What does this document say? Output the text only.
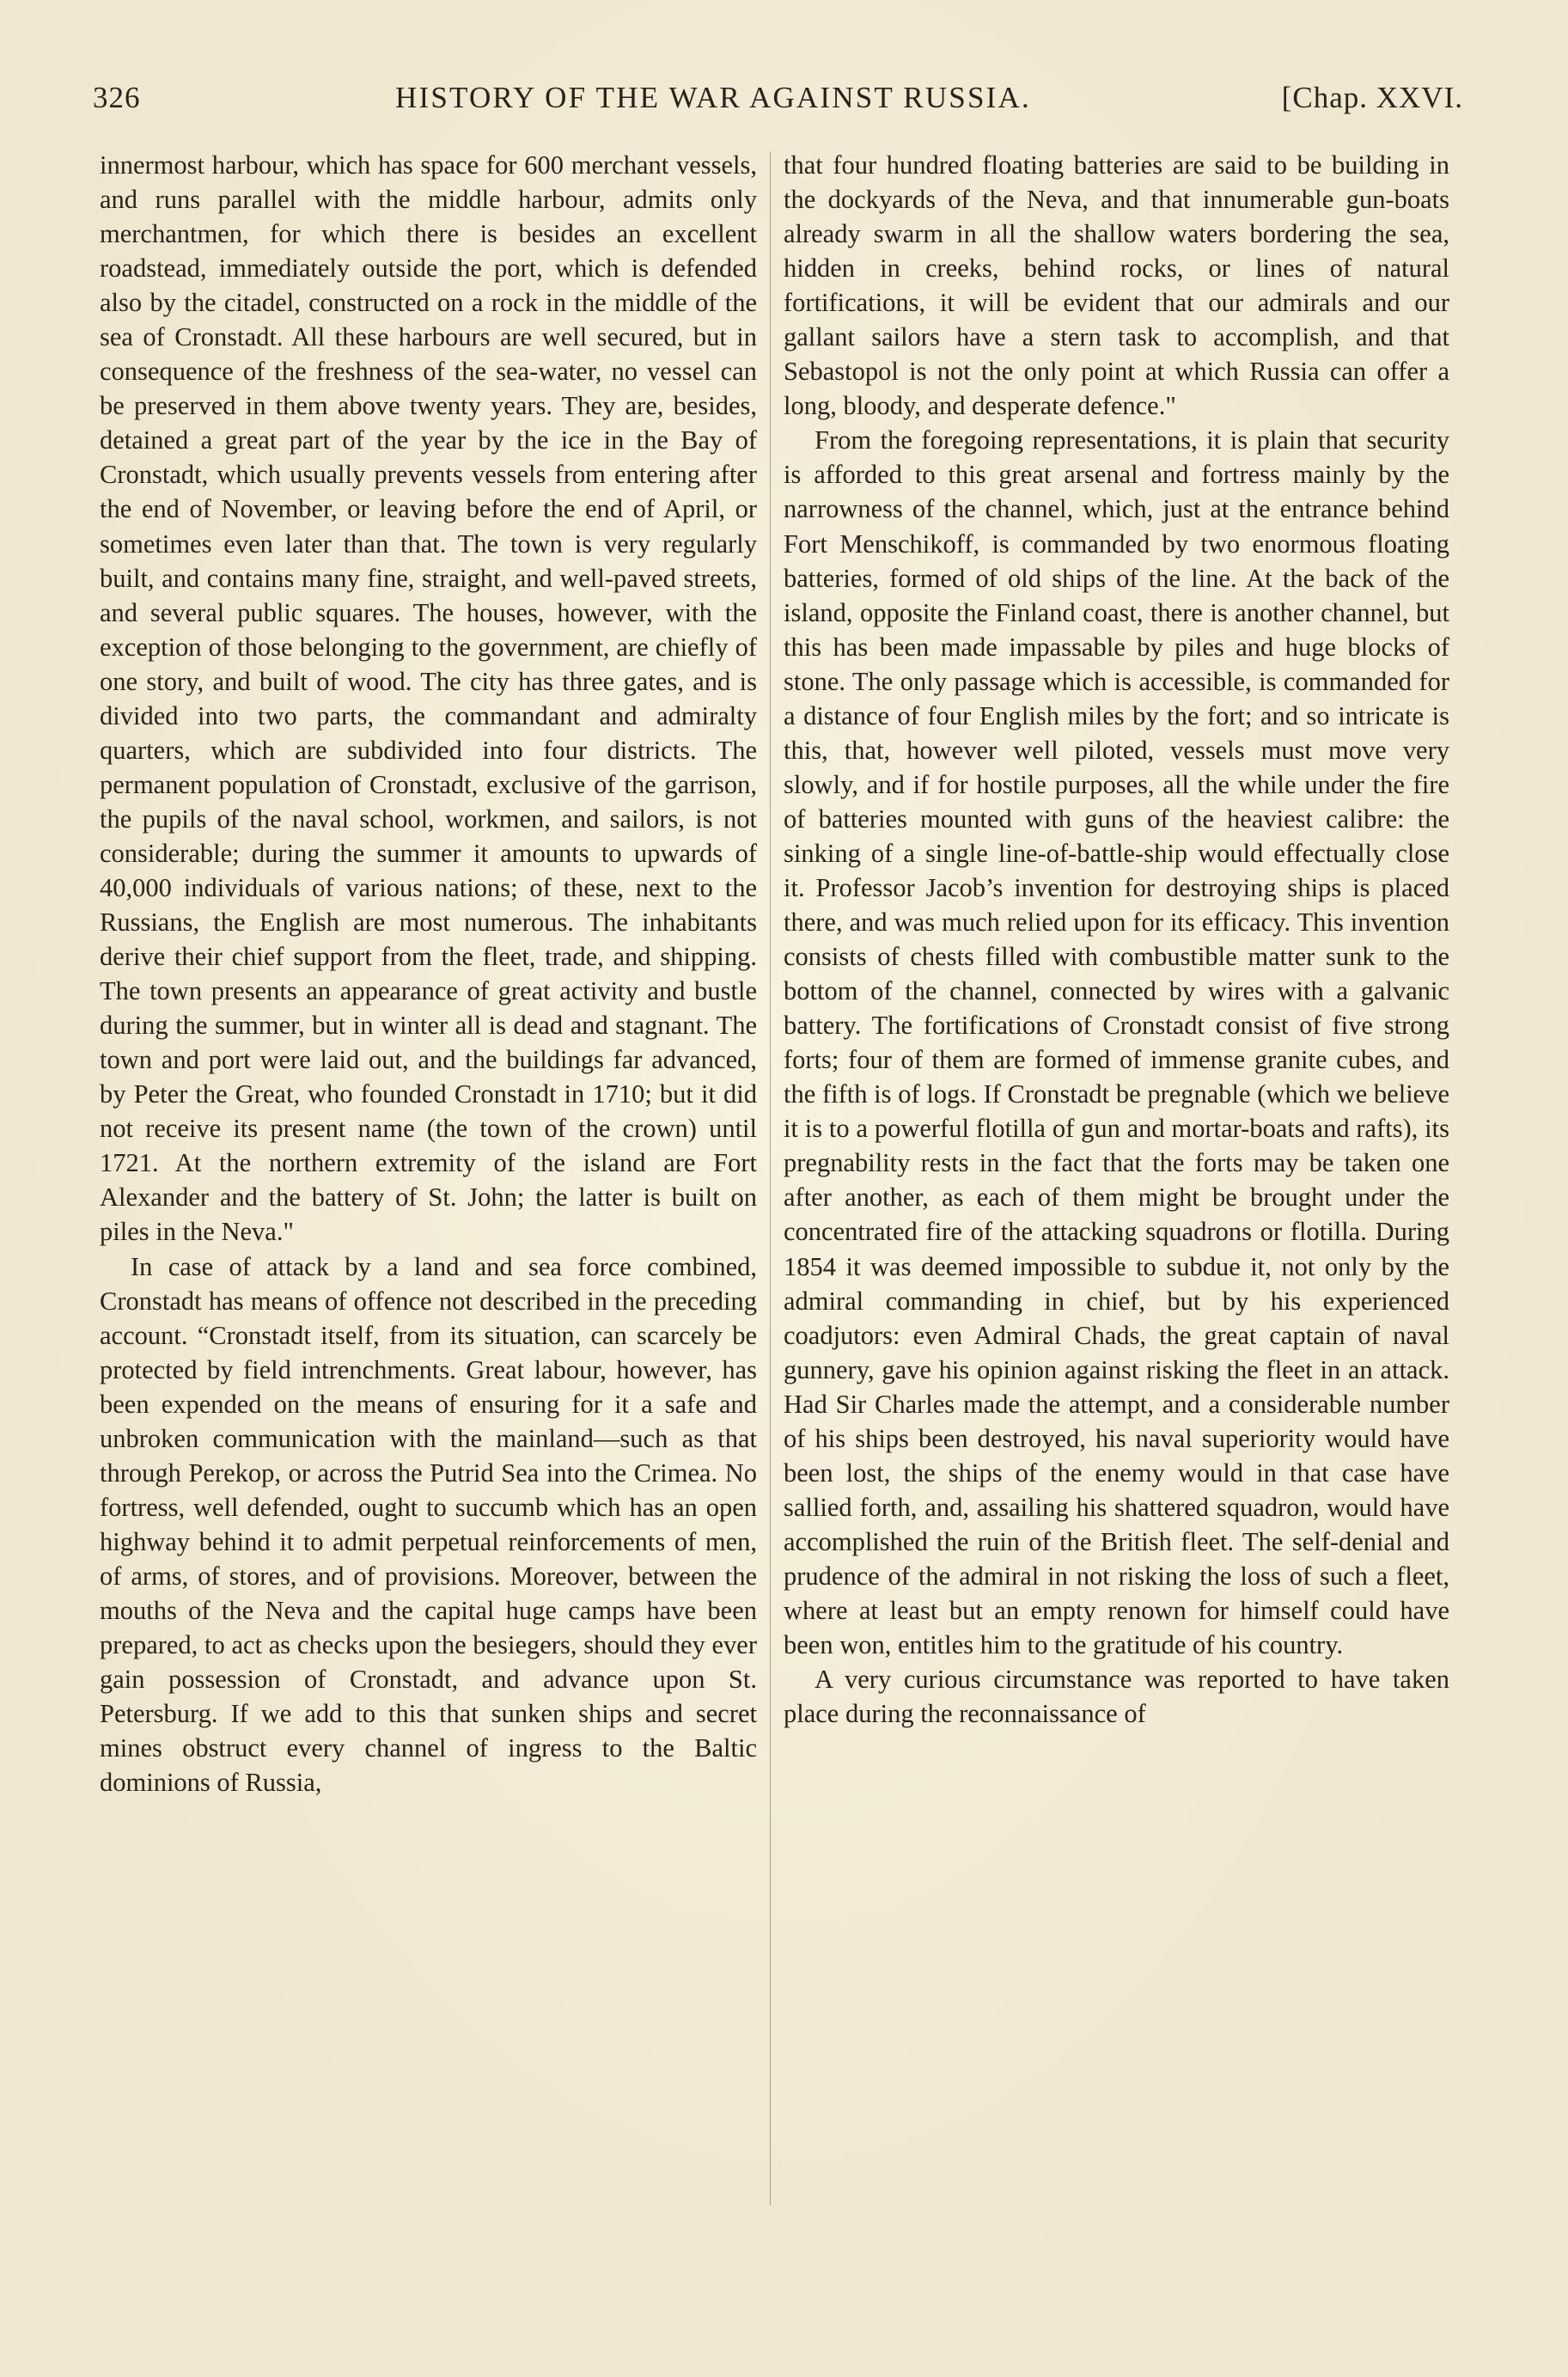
326	HISTORY OF THE WAR AGAINST RUSSIA.	[Chap. XXVI.

innermost harbour, which has space for 600 merchant vessels, and runs parallel with the middle harbour, admits only merchantmen, for which there is besides an excellent roadstead, immediately outside the port, which is defended also by the citadel, constructed on a rock in the middle of the sea of Cronstadt. All these harbours are well secured, but in consequence of the freshness of the sea-water, no vessel can be preserved in them above twenty years. They are, besides, detained a great part of the year by the ice in the Bay of Cronstadt, which usually prevents vessels from entering after the end of November, or leaving before the end of April, or sometimes even later than that. The town is very regularly built, and contains many fine, straight, and well-paved streets, and several public squares. The houses, however, with the exception of those belonging to the government, are chiefly of one story, and built of wood. The city has three gates, and is divided into two parts, the commandant and admiralty quarters, which are subdivided into four districts. The permanent population of Cronstadt, exclusive of the garrison, the pupils of the naval school, workmen, and sailors, is not considerable; during the summer it amounts to upwards of 40,000 individuals of various nations; of these, next to the Russians, the English are most numerous. The inhabitants derive their chief support from the fleet, trade, and shipping. The town presents an appearance of great activity and bustle during the summer, but in winter all is dead and stagnant. The town and port were laid out, and the buildings far advanced, by Peter the Great, who founded Cronstadt in 1710; but it did not receive its present name (the town of the crown) until 1721. At the northern extremity of the island are Fort Alexander and the battery of St. John; the latter is built on piles in the Neva."

In case of attack by a land and sea force combined, Cronstadt has means of offence not described in the preceding account. “Cronstadt itself, from its situation, can scarcely be protected by field intrenchments. Great labour, however, has been expended on the means of ensuring for it a safe and unbroken communication with the mainland—such as that through Perekop, or across the Putrid Sea into the Crimea. No fortress, well defended, ought to succumb which has an open highway behind it to admit perpetual reinforcements of men, of arms, of stores, and of provisions. Moreover, between the mouths of the Neva and the capital huge camps have been prepared, to act as checks upon the besiegers, should they ever gain possession of Cronstadt, and advance upon St. Petersburg. If we add to this that sunken ships and secret mines obstruct every channel of ingress to the Baltic dominions of Russia,

that four hundred floating batteries are said to be building in the dockyards of the Neva, and that innumerable gun-boats already swarm in all the shallow waters bordering the sea, hidden in creeks, behind rocks, or lines of natural fortifications, it will be evident that our admirals and our gallant sailors have a stern task to accomplish, and that Sebastopol is not the only point at which Russia can offer a long, bloody, and desperate defence."

From the foregoing representations, it is plain that security is afforded to this great arsenal and fortress mainly by the narrowness of the channel, which, just at the entrance behind Fort Menschikoff, is commanded by two enormous floating batteries, formed of old ships of the line. At the back of the island, opposite the Finland coast, there is another channel, but this has been made impassable by piles and huge blocks of stone. The only passage which is accessible, is commanded for a distance of four English miles by the fort; and so intricate is this, that, however well piloted, vessels must move very slowly, and if for hostile purposes, all the while under the fire of batteries mounted with guns of the heaviest calibre: the sinking of a single line-of-battle-ship would effectually close it. Professor Jacob’s invention for destroying ships is placed there, and was much relied upon for its efficacy. This invention consists of chests filled with combustible matter sunk to the bottom of the channel, connected by wires with a galvanic battery. The fortifications of Cronstadt consist of five strong forts; four of them are formed of immense granite cubes, and the fifth is of logs. If Cronstadt be pregnable (which we believe it is to a powerful flotilla of gun and mortar-boats and rafts), its pregnability rests in the fact that the forts may be taken one after another, as each of them might be brought under the concentrated fire of the attacking squadrons or flotilla. During 1854 it was deemed impossible to subdue it, not only by the admiral commanding in chief, but by his experienced coadjutors: even Admiral Chads, the great captain of naval gunnery, gave his opinion against risking the fleet in an attack. Had Sir Charles made the attempt, and a considerable number of his ships been destroyed, his naval superiority would have been lost, the ships of the enemy would in that case have sallied forth, and, assailing his shattered squadron, would have accomplished the ruin of the British fleet. The self-denial and prudence of the admiral in not risking the loss of such a fleet, where at least but an empty renown for himself could have been won, entitles him to the gratitude of his country.

A very curious circumstance was reported to have taken place during the reconnaissance of
